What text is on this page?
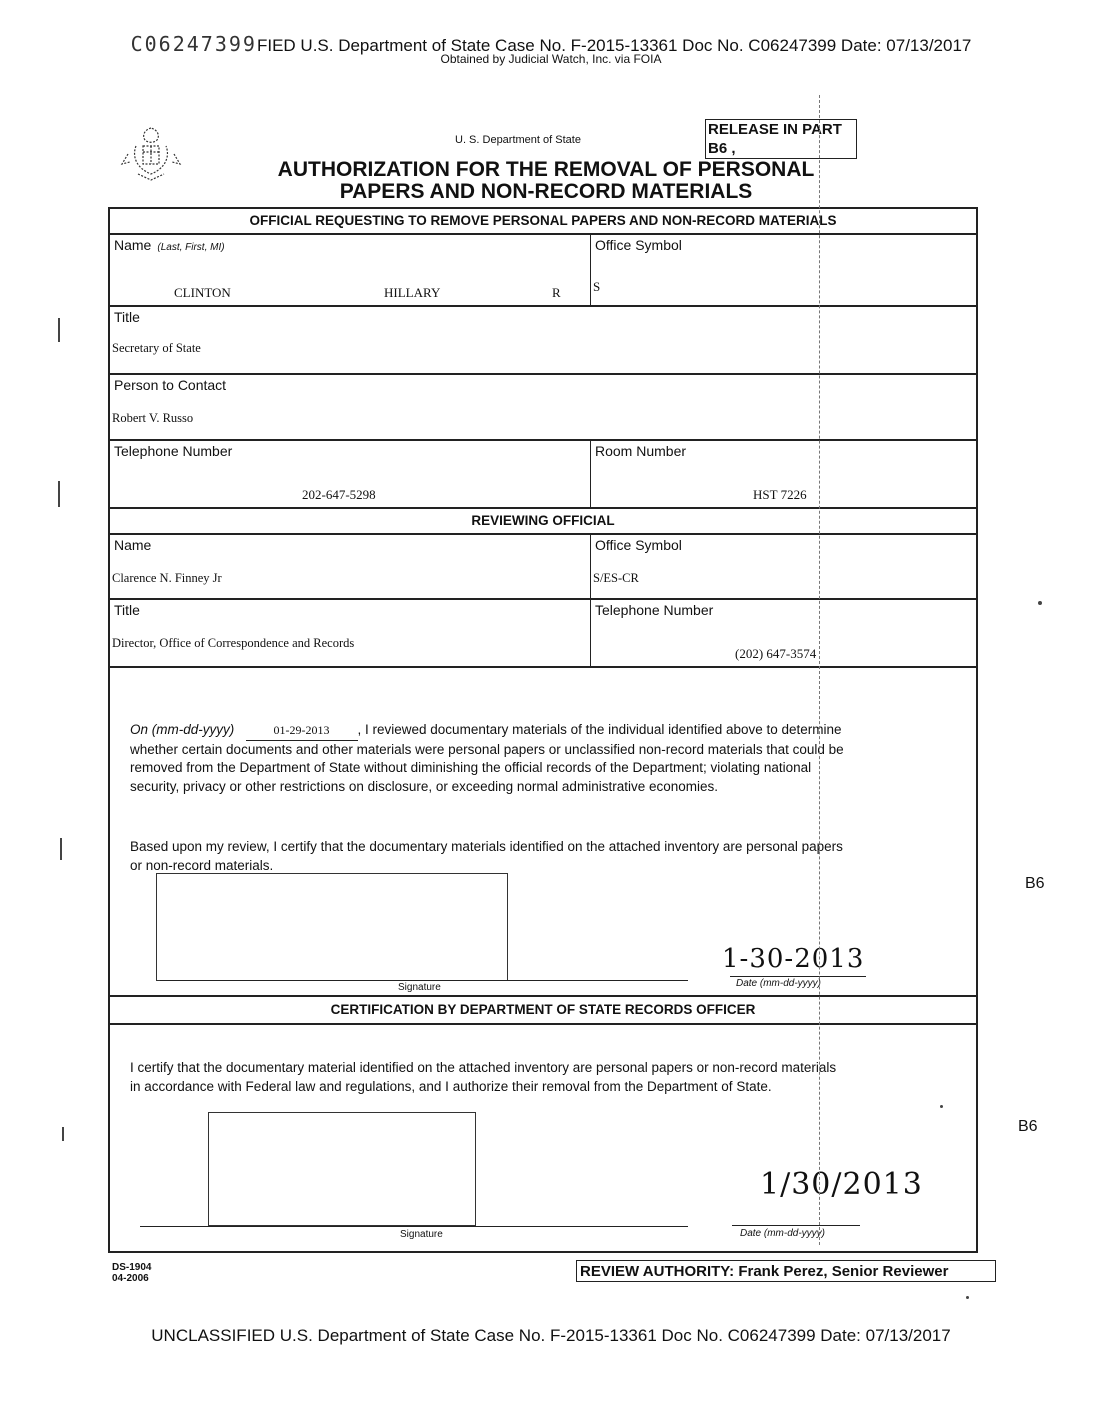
C06247399FIED U.S. Department of State Case No. F-2015-13361 Doc No. C06247399 Date: 07/13/2017
Obtained by Judicial Watch, Inc. via FOIA
U. S. Department of State
RELEASE IN PART
B6 ,
AUTHORIZATION FOR THE REMOVAL OF PERSONAL
PAPERS AND NON-RECORD MATERIALS
OFFICIAL REQUESTING TO REMOVE PERSONAL PAPERS AND NON-RECORD MATERIALS
Name (Last, First, MI)
CLINTON	HILLARY	R
Office Symbol
S
Title
Secretary of State
Person to Contact
Robert V. Russo
Telephone Number
202-647-5298
Room Number
HST 7226
REVIEWING OFFICIAL
Name
Clarence N. Finney Jr
Office Symbol
S/ES-CR
Title
Director, Office of Correspondence and Records
Telephone Number
(202) 647-3574
On (mm-dd-yyyy)	01-29-2013 , I reviewed documentary materials of the individual identified above to determine
whether certain documents and other materials were personal papers or unclassified non-record materials that could be
removed from the Department of State without diminishing the official records of the Department; violating national
security, privacy or other restrictions on disclosure, or exceeding normal administrative economies.
Based upon my review, I certify that the documentary materials identified on the attached inventory are personal papers
or non-record materials.
Signature
1-30-2013
Date (mm-dd-yyyy)
CERTIFICATION BY DEPARTMENT OF STATE RECORDS OFFICER
I certify that the documentary material identified on the attached inventory are personal papers or non-record materials
in accordance with Federal law and regulations, and I authorize their removal from the Department of State.
Signature
1/30/2013
Date (mm-dd-yyyy)
B6
B6
DS-1904
04-2006	REVIEW AUTHORITY: Frank Perez, Senior Reviewer
UNCLASSIFIED U.S. Department of State Case No. F-2015-13361 Doc No. C06247399 Date: 07/13/2017
